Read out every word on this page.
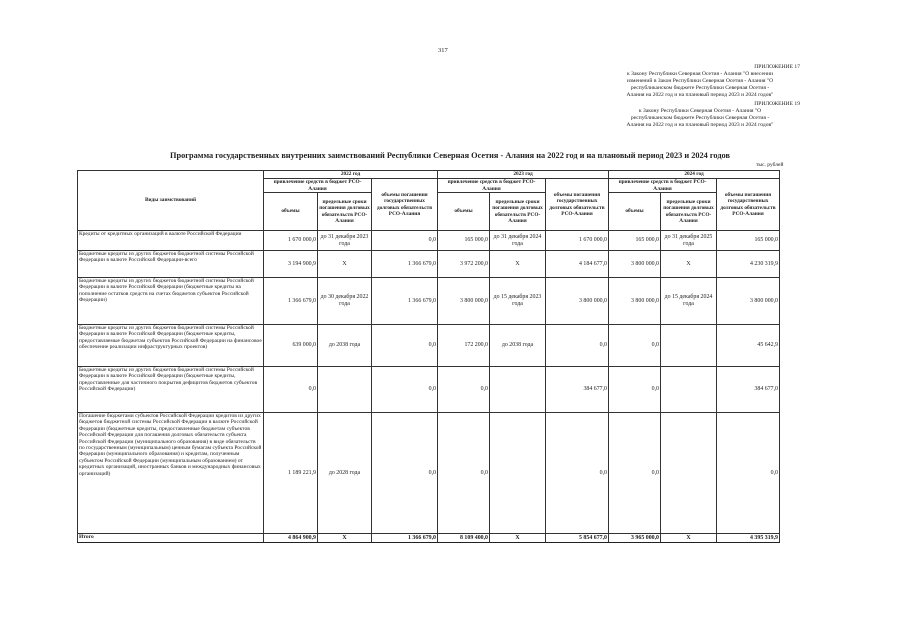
317
ПРИЛОЖЕНИЕ 17
к Закону Республики Северная Осетия - Алания "О внесении
изменений в Закон Республики Северная Осетия - Алания "О
республиканском бюджете Республики Северная Осетия -
Алания на 2022 год и на плановый период 2023 и 2024 годов"
ПРИЛОЖЕНИЕ 19
к Закону Республики Северная Осетия - Алания "О
республиканском бюджете Республики Северная Осетия -
Алания на 2022 год и на плановый период 2023 и 2024 годов"
Программа государственных внутренних заимствований Республики Северная Осетия - Алания на 2022 год и на плановый период 2023 и 2024 годов
тыс. рублей
Виды заимствований	2022 год			2023 год			2024 год		
	привлечение средств в бюджет РСО-Алания		объемы погашения государственных долговых обязательств РСО-Алания	привлечение средств в бюджет РСО-Алания		объемы погашения государственных долговых обязательств РСО-Алания	привлечение средств в бюджет РСО-Алания		объемы погашения государственных долговых обязательств РСО-Алания
	объемы	предельные сроки погашения долговых обязательств РСО-Алания		объемы	предельные сроки погашения долговых обязательств РСО-Алания		объемы	предельные сроки погашения долговых обязательств РСО-Алания	
Кредиты от кредитных организаций в валюте Российской Федерации	1 670 000,0	до 31 декабря 2023 года	0,0	165 000,0	до 31 декабря 2024 года	1 670 000,0	165 000,0	до 31 декабря 2025 года	165 000,0
Бюджетные кредиты из других бюджетов бюджетной системы Российской Федерации в валюте Российской Федерации-всего	3 194 900,9	X	1 366 679,0	3 972 200,0	X	4 184 677,0	3 800 000,0	X	4 230 319,9
Бюджетные кредиты из других бюджетов бюджетной системы Российской Федерации в валюте Российской Федерации (бюджетные кредиты на пополнение остатков средств на счетах бюджетов субъектов Российской Федерации)	1 366 679,0	до 30 декабря 2022 года	1 366 679,0	3 800 000,0	до 15 декабря 2023 года	3 800 000,0	3 800 000,0	до 15 декабря 2024 года	3 800 000,0
Бюджетные кредиты из других бюджетов бюджетной системы Российской Федерации в валюте Российской Федерации (бюджетные кредиты, предоставляемые бюджетам субъектов Российской Федерации на финансовое обеспечение реализации инфраструктурных проектов)	639 000,0	до 2038 года	0,0	172 200,0	до 2038 года	0,0	0,0		45 642,9
Бюджетные кредиты из других бюджетов бюджетной системы Российской Федерации в валюте Российской Федерации (бюджетные кредиты, предоставленные для частичного покрытия дефицитов бюджетов субъектов Российской Федерации)	0,0		0,0	0,0		384 677,0	0,0		384 677,0
Погашение бюджетами субъектов Российской Федерации кредитов из других бюджетов бюджетной системы Российской Федерации в валюте Российской Федерации (бюджетные кредиты, предоставленные бюджетам субъектов Российской Федерации для погашения долговых обязательств субъекта Российской Федерации (муниципального образования) в виде обязательств по государственным (муниципальным) ценным бумагам субъекта Российской Федерации (муниципального образования) и кредитам, полученным субъектом Российской Федерации (муниципальным образованием) от кредитных организаций, иностранных банков и международных финансовых организаций)	1 189 221,9	до 2028 года	0,0	0,0		0,0	0,0		0,0
Итого	4 864 900,9	X	1 366 679,0	8 109 400,0	X	5 854 677,0	3 965 000,0	X	4 395 319,9
